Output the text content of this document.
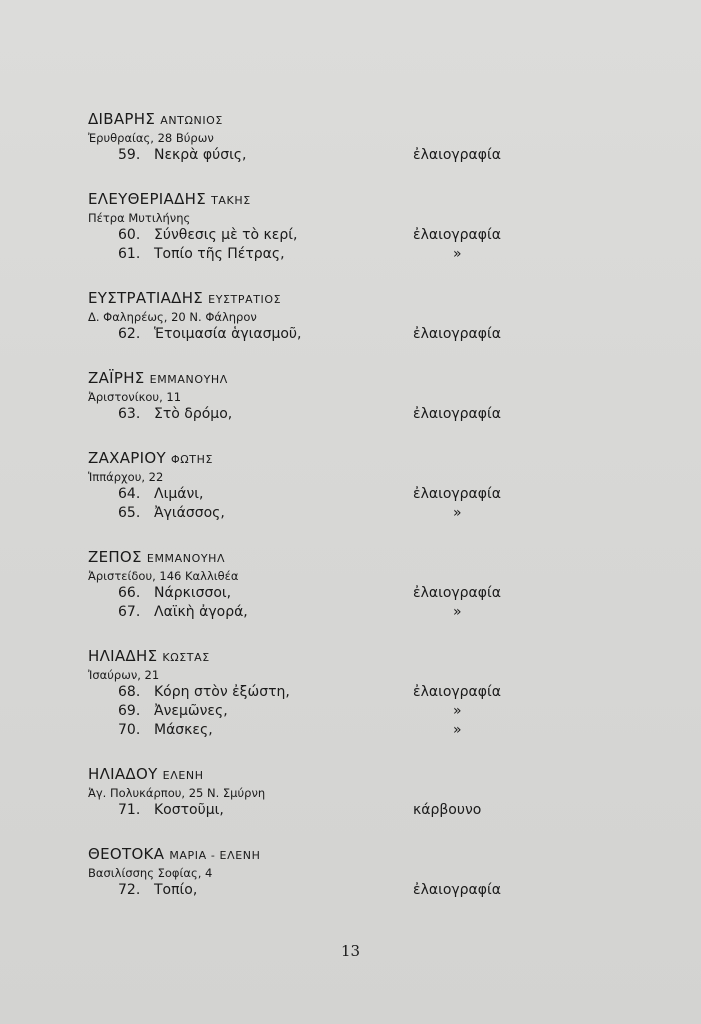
ΔΙΒΑΡΗΣ ΑΝΤΩΝΙΟΣ
Ἐρυθραίας, 28 Βύρων
59. Νεκρὰ φύσις,	ἐλαιογραφία
ΕΛΕΥΘΕΡΙΑΔΗΣ ΤΑΚΗΣ
Πέτρα Μυτιλήνης
60. Σύνθεσις μὲ τὸ κερί,	ἐλαιογραφία
61. Τοπίο τῆς Πέτρας,	»
ΕΥΣΤΡΑΤΙΑΔΗΣ ΕΥΣΤΡΑΤΙΟΣ
Δ. Φαληρέως, 20 Ν. Φάληρον
62. Ἑτοιμασία ἁγιασμοῦ,	ἐλαιογραφία
ΖΑΪΡΗΣ ΕΜΜΑΝΟΥΗΛ
Ἀριστονίκου, 11
63. Στὸ δρόμο,	ἐλαιογραφία
ΖΑΧΑΡΙΟΥ ΦΩΤΗΣ
Ἱππάρχου, 22
64. Λιμάνι,	ἐλαιογραφία
65. Ἀγιάσσος,	»
ΖΕΠΟΣ ΕΜΜΑΝΟΥΗΛ
Ἀριστείδου, 146 Καλλιθέα
66. Νάρκισσοι,	ἐλαιογραφία
67. Λαϊκὴ ἀγορά,	»
ΗΛΙΑΔΗΣ ΚΩΣΤΑΣ
Ἰσαύρων, 21
68. Κόρη στὸν ἐξώστη,	ἐλαιογραφία
69. Ἀνεμῶνες,	»
70. Μάσκες,	»
ΗΛΙΑΔΟΥ ΕΛΕΝΗ
Ἀγ. Πολυκάρπου, 25 Ν. Σμύρνη
71. Κοστοῦμι,	κάρβουνο
ΘΕΟΤΟΚΑ ΜΑΡΙΑ - ΕΛΕΝΗ
Βασιλίσσης Σοφίας, 4
72. Τοπίο,	ἐλαιογραφία
13
